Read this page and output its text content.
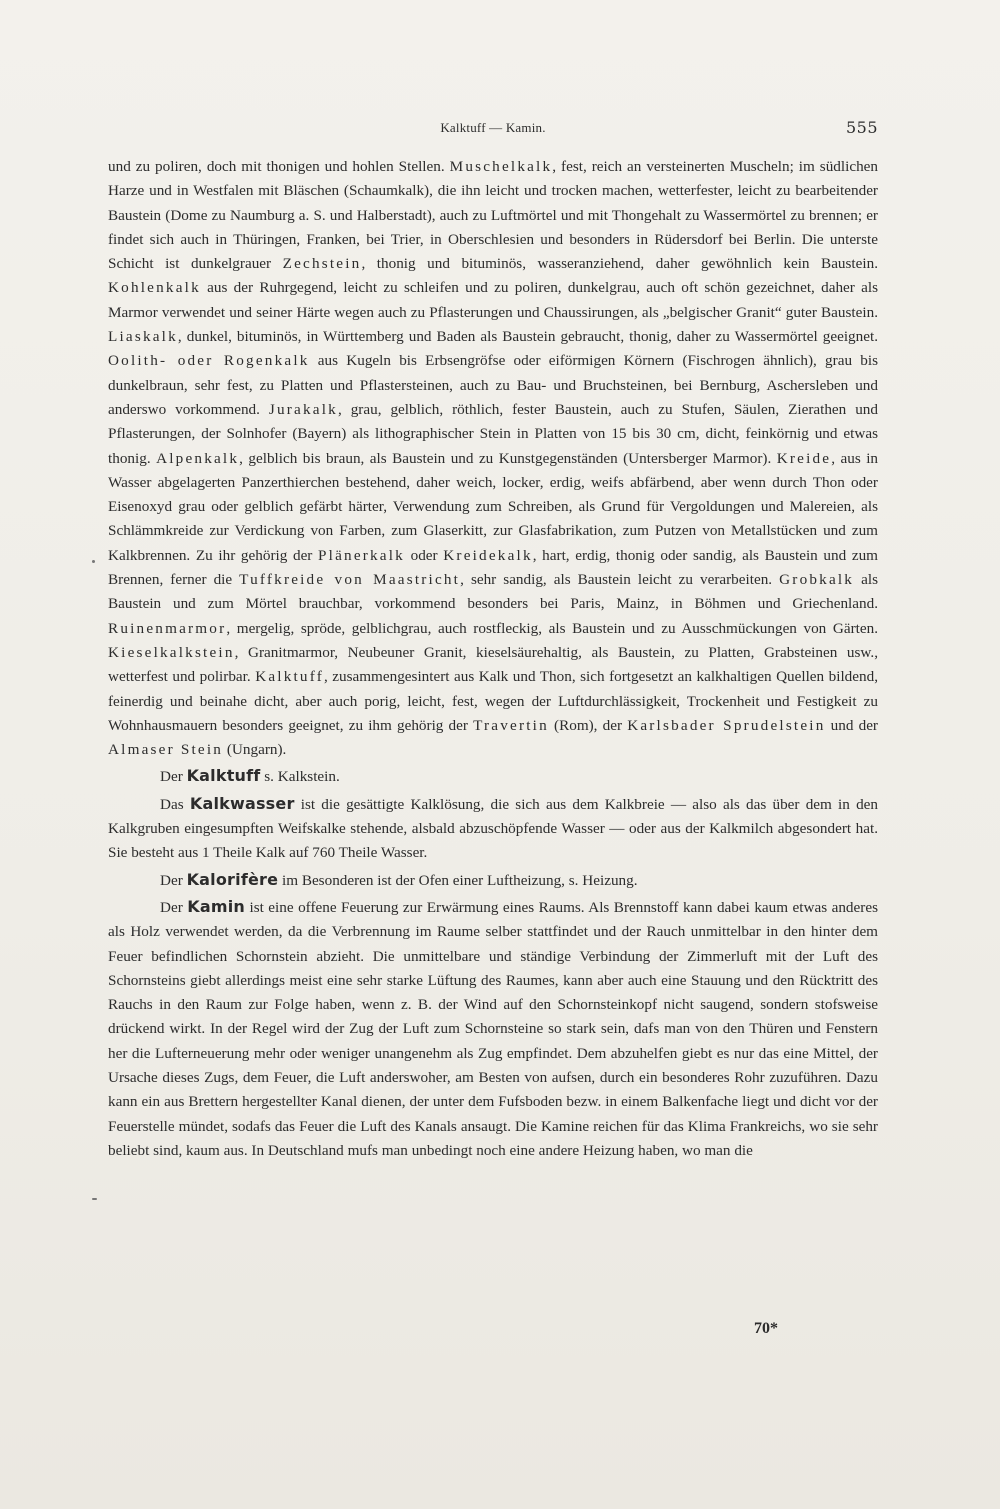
Kalktuff — Kamin.	555

und zu poliren, doch mit thonigen und hohlen Stellen. Muschelkalk, fest, reich an versteinerten Muscheln; im südlichen Harze und in Westfalen mit Bläschen (Schaumkalk), die ihn leicht und trocken machen, wetterfester, leicht zu bearbeitender Baustein (Dome zu Naumburg a. S. und Halberstadt), auch zu Luftmörtel und mit Thongehalt zu Wassermörtel zu brennen; er findet sich auch in Thüringen, Franken, bei Trier, in Oberschlesien und besonders in Rüdersdorf bei Berlin. Die unterste Schicht ist dunkelgrauer Zechstein, thonig und bituminös, wasseranziehend, daher gewöhnlich kein Baustein. Kohlenkalk aus der Ruhrgegend, leicht zu schleifen und zu poliren, dunkelgrau, auch oft schön gezeichnet, daher als Marmor verwendet und seiner Härte wegen auch zu Pflasterungen und Chaussirungen, als „belgischer Granit“ guter Baustein. Liaskalk, dunkel, bituminös, in Württemberg und Baden als Baustein gebraucht, thonig, daher zu Wassermörtel geeignet. Oolith- oder Rogenkalk aus Kugeln bis Erbsengröfse oder eiförmigen Körnern (Fischrogen ähnlich), grau bis dunkelbraun, sehr fest, zu Platten und Pflastersteinen, auch zu Bau- und Bruchsteinen, bei Bernburg, Aschersleben und anderswo vorkommend. Jurakalk, grau, gelblich, röthlich, fester Baustein, auch zu Stufen, Säulen, Zierathen und Pflasterungen, der Solnhofer (Bayern) als lithographischer Stein in Platten von 15 bis 30 cm, dicht, feinkörnig und etwas thonig. Alpenkalk, gelblich bis braun, als Baustein und zu Kunstgegenständen (Untersberger Marmor). Kreide, aus in Wasser abgelagerten Panzerthierchen bestehend, daher weich, locker, erdig, weifs abfärbend, aber wenn durch Thon oder Eisenoxyd grau oder gelblich gefärbt härter, Verwendung zum Schreiben, als Grund für Vergoldungen und Malereien, als Schlämmkreide zur Verdickung von Farben, zum Glaserkitt, zur Glasfabrikation, zum Putzen von Metallstücken und zum Kalkbrennen. Zu ihr gehörig der Plänerkalk oder Kreidekalk, hart, erdig, thonig oder sandig, als Baustein und zum Brennen, ferner die Tuffkreide von Maastricht, sehr sandig, als Baustein leicht zu verarbeiten. Grobkalk als Baustein und zum Mörtel brauchbar, vorkommend besonders bei Paris, Mainz, in Böhmen und Griechenland. Ruinenmarmor, mergelig, spröde, gelblichgrau, auch rostfleckig, als Baustein und zu Ausschmückungen von Gärten. Kieselkalkstein, Granitmarmor, Neubeuner Granit, kieselsäurehaltig, als Baustein, zu Platten, Grabsteinen usw., wetterfest und polirbar. Kalktuff, zusammengesintert aus Kalk und Thon, sich fortgesetzt an kalkhaltigen Quellen bildend, feinerdig und beinahe dicht, aber auch porig, leicht, fest, wegen der Luftdurchlässigkeit, Trockenheit und Festigkeit zu Wohnhausmauern besonders geeignet, zu ihm gehörig der Travertin (Rom), der Karlsbader Sprudelstein und der Almaser Stein (Ungarn).

Der Kalktuff s. Kalkstein.

Das Kalkwasser ist die gesättigte Kalklösung, die sich aus dem Kalkbreie — also als das über dem in den Kalkgruben eingesumpften Weifskalke stehende, alsbald abzuschöpfende Wasser — oder aus der Kalkmilch abgesondert hat. Sie besteht aus 1 Theile Kalk auf 760 Theile Wasser.

Der Kalorifère im Besonderen ist der Ofen einer Luftheizung, s. Heizung.

Der Kamin ist eine offene Feuerung zur Erwärmung eines Raums. Als Brennstoff kann dabei kaum etwas anderes als Holz verwendet werden, da die Verbrennung im Raume selber stattfindet und der Rauch unmittelbar in den hinter dem Feuer befindlichen Schornstein abzieht. Die unmittelbare und ständige Verbindung der Zimmerluft mit der Luft des Schornsteins giebt allerdings meist eine sehr starke Lüftung des Raumes, kann aber auch eine Stauung und den Rücktritt des Rauchs in den Raum zur Folge haben, wenn z. B. der Wind auf den Schornsteinkopf nicht saugend, sondern stofsweise drückend wirkt. In der Regel wird der Zug der Luft zum Schornsteine so stark sein, dafs man von den Thüren und Fenstern her die Lufterneuerung mehr oder weniger unangenehm als Zug empfindet. Dem abzuhelfen giebt es nur das eine Mittel, der Ursache dieses Zugs, dem Feuer, die Luft anderswoher, am Besten von aufsen, durch ein besonderes Rohr zuzuführen. Dazu kann ein aus Brettern hergestellter Kanal dienen, der unter dem Fufsboden bezw. in einem Balkenfache liegt und dicht vor der Feuerstelle mündet, sodafs das Feuer die Luft des Kanals ansaugt. Die Kamine reichen für das Klima Frankreichs, wo sie sehr beliebt sind, kaum aus. In Deutschland mufs man unbedingt noch eine andere Heizung haben, wo man die

70*
